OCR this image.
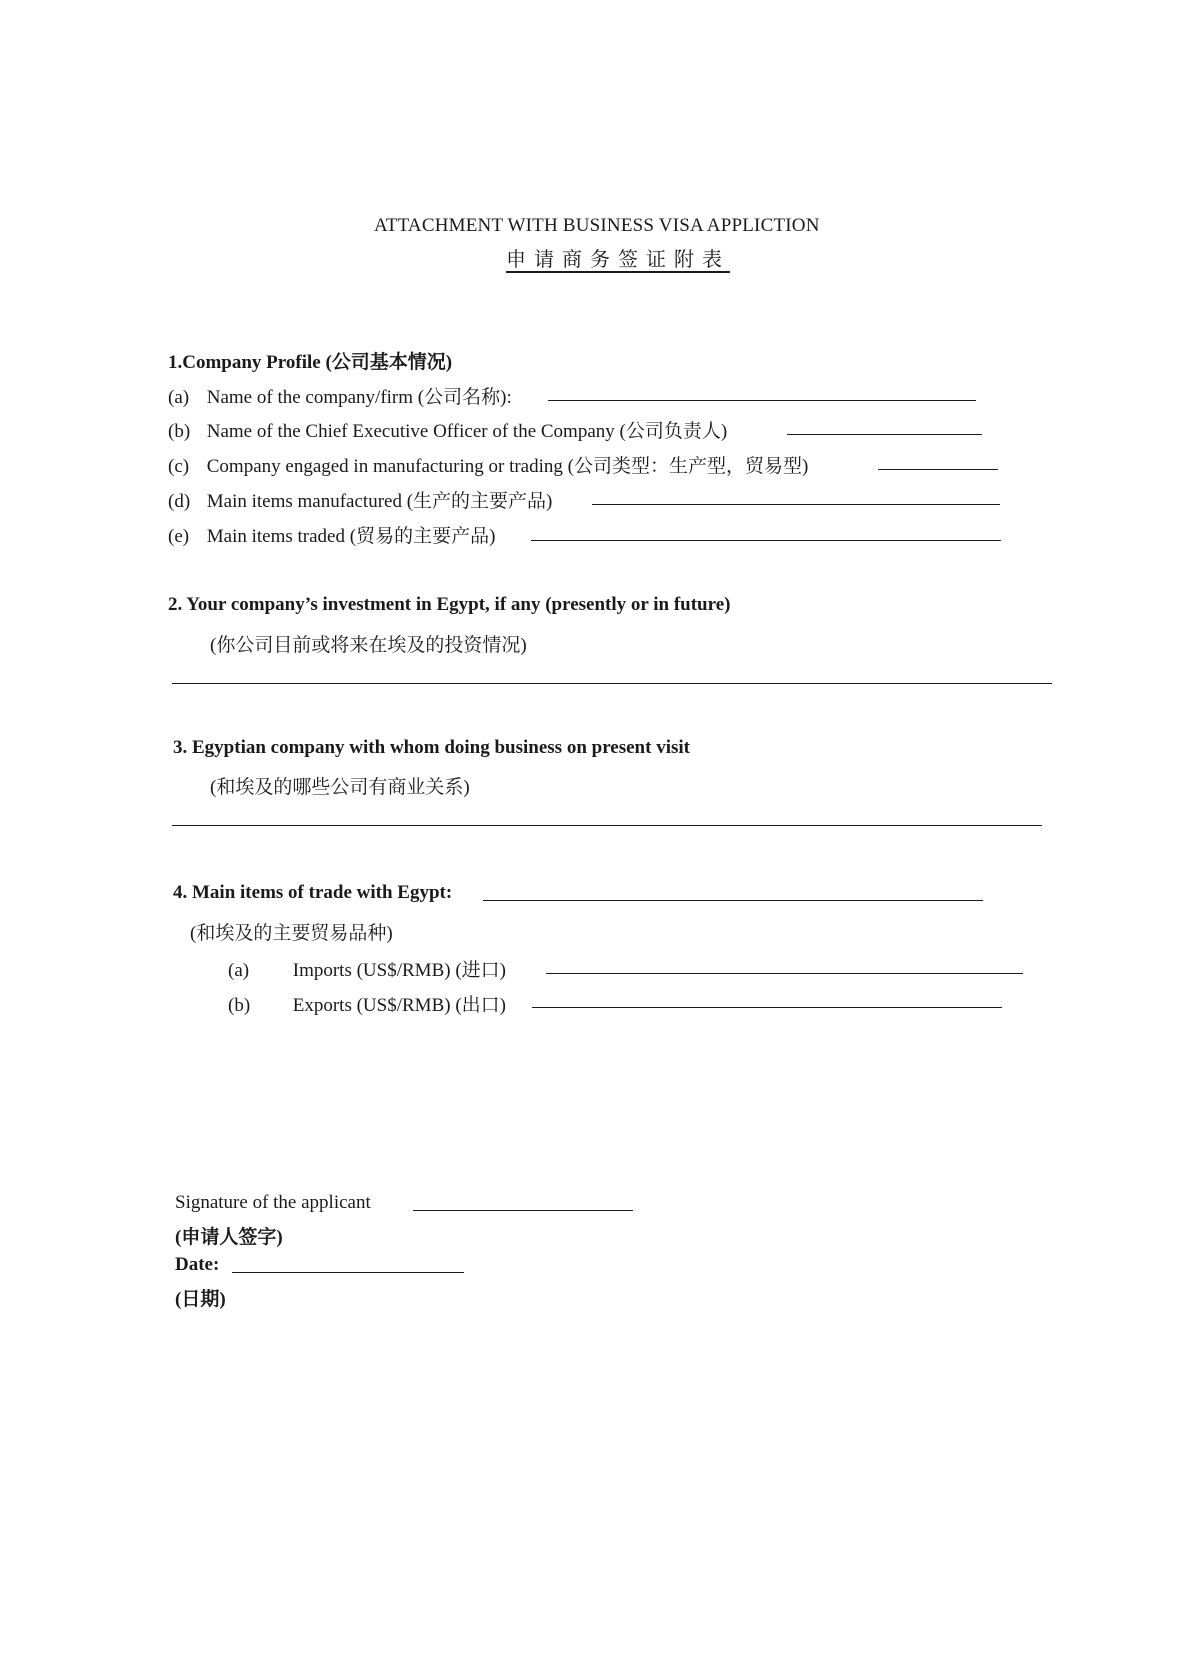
ATTACHMENT WITH BUSINESS VISA APPLICTION
申请商务签证附表
1.Company Profile (公司基本情况)
(a) Name of the company/firm (公司名称):
(b) Name of the Chief Executive Officer of the Company (公司负责人)
(c) Company engaged in manufacturing or trading (公司类型：生产型，贸易型)
(d) Main items manufactured (生产的主要产品)
(e) Main items traded (贸易的主要产品)
2. Your company’s investment in Egypt, if any (presently or in future)
(你公司目前或将来在埃及的投资情况)
3. Egyptian company with whom doing business on present visit
(和埃及的哪些公司有商业关系)
4. Main items of trade with Egypt:
(和埃及的主要贸易品种)
(a) Imports (US$/RMB) (进口)
(b) Exports (US$/RMB) (出口)
Signature of the applicant
(申请人签字)
Date:
(日期)
